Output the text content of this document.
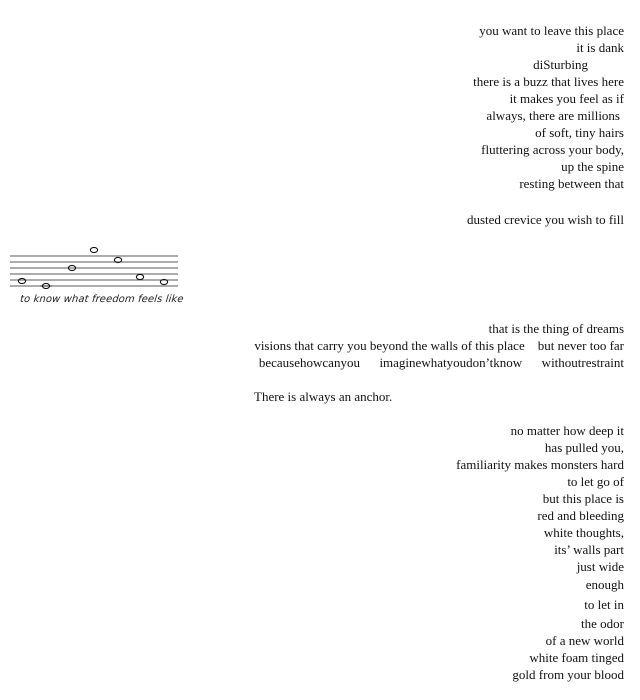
you want to leave this place
it is dank
diSturbing
there is a buzz that lives here
it makes you feel as if
always, there are millions
of soft, tiny hairs
fluttering across your body,
up the spine
resting between that
dusted crevice you wish to fill
to know what freedom feels like
that is the thing of dreams
visions that carry you beyond the walls of this place    but never too far
becausehowcanyou      imaginewhatyoudon’tknow      withoutrestraint
There is always an anchor.
no matter how deep it
has pulled you,
familiarity makes monsters hard
to let go of
but this place is
red and bleeding
white thoughts,
its’ walls part
just wide
enough
to let in
the odor
of a new world
white foam tinged
gold from your blood
